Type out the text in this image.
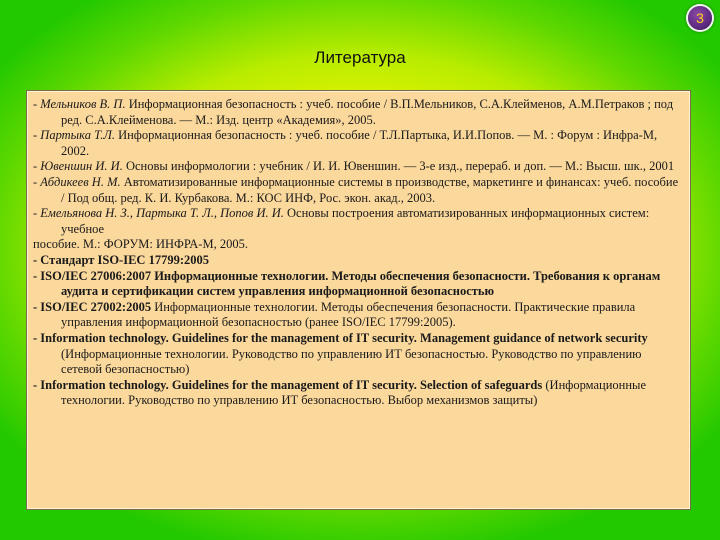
3
Литература

- Мельников В. П. Информационная безопасность : учеб. пособие / В.П.Мельников, С.А.Клейменов, А.М.Петраков ; под ред. С.А.Клейменова. — М.: Изд. центр «Академия», 2005.

- Партыка Т.Л. Информационная безопасность : учеб. пособие / Т.Л.Партыка, И.И.Попов. — М. : Форум : Инфра-М, 2002.

- Ювеншин И. И. Основы информологии : учебник / И. И. Ювеншин. — 3-е изд., перераб. и доп. — М.: Высш. шк., 2001

- Абдикеев Н. М. Автоматизированные информационные системы в производстве, маркетинге и финансах: учеб. пособие / Под общ. ред. К. И. Курбакова. М.: КОС ИНФ, Рос. экон. акад., 2003.

- Емельянова Н. З., Партыка Т. Л., Попов И. И. Основы построения автоматизированных информационных систем: учебное

пособие. М.: ФОРУМ: ИНФРА-М, 2005.

- Стандарт ISO-IEC 17799:2005

- ISO/IEC 27006:2007 Информационные технологии. Методы обеспечения безопасности. Требования к органам аудита и сертификации систем управления информационной безопасностью

- ISO/IEC 27002:2005 Информационные технологии. Методы обеспечения безопасности. Практические правила управления информационной безопасностью (ранее ISO/IEC 17799:2005).

- Information technology. Guidelines for the management of IT security. Management guidance of network security (Информационные технологии. Руководство по управлению ИТ безопасностью. Руководство по управлению сетевой безопасностью)

- Information technology. Guidelines for the management of IT security. Selection of safeguards (Информационные технологии. Руководство по управлению ИТ безопасностью. Выбор механизмов защиты)
